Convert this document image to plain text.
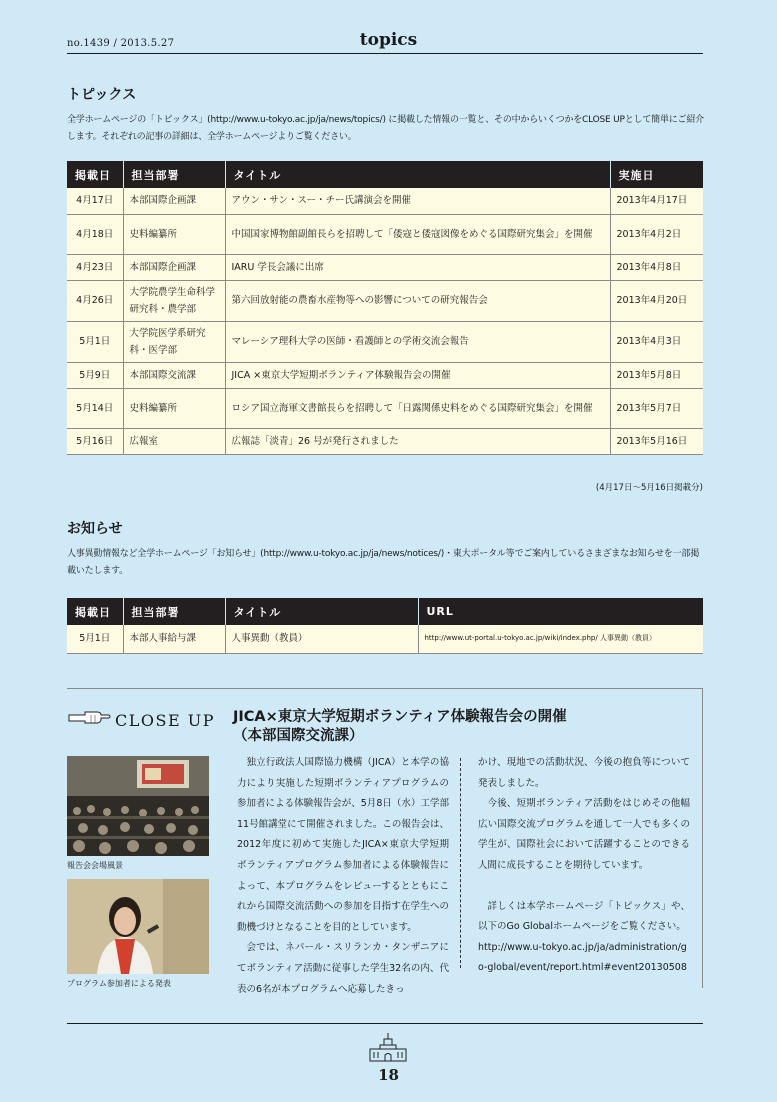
no.1439 / 2013.5.27	topics
トピックス
全学ホームページの「トピックス」(http://www.u-tokyo.ac.jp/ja/news/topics/) に掲載した情報の一覧と、その中からいくつかをCLOSE UPとして簡単にご紹介します。それぞれの記事の詳細は、全学ホームページよりご覧ください。
掲載日	担当部署	タイトル	実施日
4月17日	本部国際企画課	アウン・サン・スー・チー氏講演会を開催	2013年4月17日
4月18日	史料編纂所	中国国家博物館副館長らを招聘して「倭寇と倭寇図像をめぐる国際研究集会」を開催	2013年4月2日
4月23日	本部国際企画課	IARU 学長会議に出席	2013年4月8日
4月26日	大学院農学生命科学研究科・農学部	第六回放射能の農畜水産物等への影響についての研究報告会	2013年4月20日
5月1日	大学院医学系研究科・医学部	マレーシア理科大学の医師・看護師との学術交流会報告	2013年4月3日
5月9日	本部国際交流課	JICA ×東京大学短期ボランティア体験報告会の開催	2013年5月8日
5月14日	史料編纂所	ロシア国立海軍文書館長らを招聘して「日露関係史料をめぐる国際研究集会」を開催	2013年5月7日
5月16日	広報室	広報誌「淡青」26 号が発行されました	2013年5月16日
(4月17日〜5月16日掲載分)
お知らせ
人事異動情報など全学ホームページ「お知らせ」(http://www.u-tokyo.ac.jp/ja/news/notices/)・東大ポータル等でご案内しているさまざまなお知らせを一部掲載いたします。
掲載日	担当部署	タイトル	URL
5月1日	本部人事給与課	人事異動（教員）	http://www.ut-portal.u-tokyo.ac.jp/wiki/index.php/ 人事異動（教員）
CLOSE UP JICA×東京大学短期ボランティア体験報告会の開催
（本部国際交流課）
報告会会場風景
プログラム参加者による発表

独立行政法人国際協力機構（JICA）と本学の協力により実施した短期ボランティアプログラムの参加者による体験報告会が、5月8日（水）工学部11号館講堂にて開催されました。この報告会は、2012年度に初めて実施したJICA×東京大学短期ボランティアプログラム参加者による体験報告によって、本プログラムをレビューするとともにこれから国際交流活動への参加を目指す在学生への動機づけとなることを目的としています。

会では、ネパール・スリランカ・タンザニアにてボランティア活動に従事した学生32名の内、代表の6名が本プログラムへ応募したきっ

かけ、現地での活動状況、今後の抱負等について発表しました。

今後、短期ボランティア活動をはじめその他幅広い国際交流プログラムを通して一人でも多くの学生が、国際社会において活躍することのできる人間に成長することを期待しています。

詳しくは本学ホームページ「トピックス」や、以下のGo Globalホームページをご覧ください。

http://www.u-tokyo.ac.jp/ja/administration/go-global/event/report.html#event20130508

18
